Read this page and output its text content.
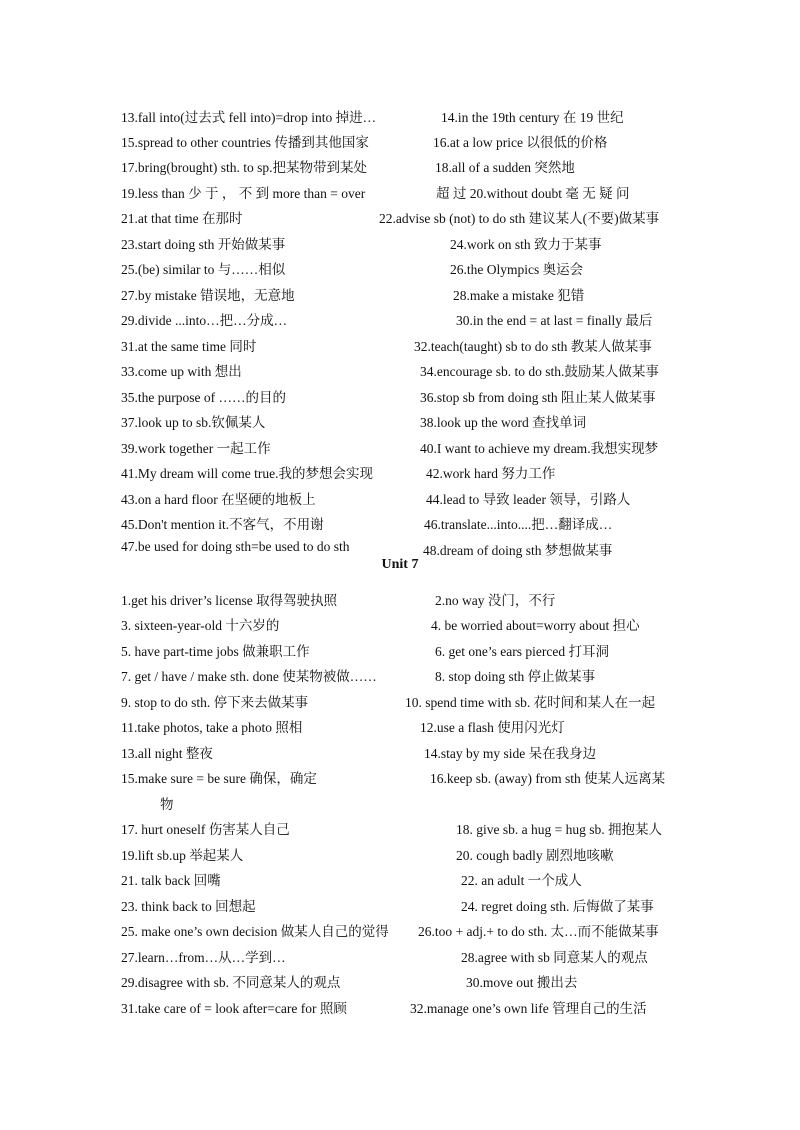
13.fall into(过去式 fell into)=drop into 掉进…	14.in the 19th century 在 19 世纪
15.spread to other countries 传播到其他国家	16.at a low price 以很低的价格
17.bring(brought) sth. to sp.把某物带到某处	18.all of a sudden 突然地
19.less than 少 于 ， 不 到 more than = over	超 过 20.without doubt 毫 无 疑 问
21.at that time 在那时	22.advise sb (not) to do sth 建议某人(不要)做某事
23.start doing sth 开始做某事	24.work on sth 致力于某事
25.(be) similar to 与……相似	26.the Olympics 奥运会
27.by mistake 错误地，无意地	28.make a mistake 犯错
29.divide ...into…把…分成…	30.in the end = at last = finally 最后
31.at the same time 同时	32.teach(taught) sb to do sth 教某人做某事
33.come up with 想出	34.encourage sb. to do sth.鼓励某人做某事
35.the purpose of ……的目的	36.stop sb from doing sth 阻止某人做某事
37.look up to sb.钦佩某人	38.look up the word 查找单词
39.work together 一起工作	40.I want to achieve my dream.我想实现梦
41.My dream will come true.我的梦想会实现	42.work hard 努力工作
43.on a hard floor 在坚硬的地板上	44.lead to 导致 leader 领导，引路人
45.Don't mention it.不客气，不用谢	46.translate...into....把…翻译成…
47.be used for doing sth=be used to do sth	48.dream of doing sth 梦想做某事
Unit 7
1.get his driver’s license 取得驾驶执照	2.no way 没门，不行
3. sixteen-year-old 十六岁的	4. be worried about=worry about 担心
5. have part-time jobs 做兼职工作	6. get one’s ears pierced 打耳洞
7. get / have / make sth. done 使某物被做……	8. stop doing sth 停止做某事
9. stop to do sth. 停下来去做某事	10. spend time with sb. 花时间和某人在一起
11.take photos, take a photo 照相	12.use a flash 使用闪光灯
13.all night 整夜	14.stay by my side 呆在我身边
15.make sure = be sure 确保，确定	16.keep sb. (away) from sth 使某人远离某
物
17. hurt oneself 伤害某人自己	18. give sb. a hug = hug sb. 拥抱某人
19.lift sb.up 举起某人	20. cough badly 剧烈地咳嗽
21. talk back 回嘴	22. an adult 一个成人
23. think back to 回想起	24. regret doing sth. 后悔做了某事
25. make one’s own decision 做某人自己的觉得 26.too + adj.+ to do sth. 太…而不能做某事
27.learn…from…从…学到…	28.agree with sb 同意某人的观点
29.disagree with sb. 不同意某人的观点	30.move out 搬出去
31.take care of = look after=care for 照顾	32.manage one’s own life 管理自己的生活
